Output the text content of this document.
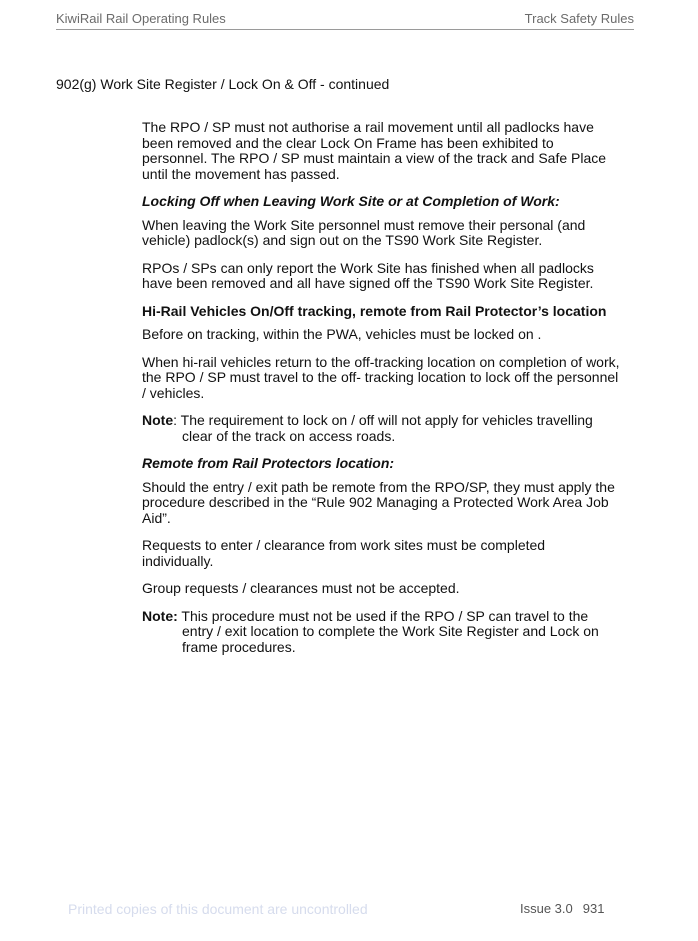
KiwiRail Rail Operating Rules	Track Safety Rules
902(g) Work Site Register / Lock On & Off - continued

The RPO / SP must not authorise a rail movement until all padlocks have been removed and the clear Lock On Frame has been exhibited to personnel. The RPO / SP must maintain a view of the track and Safe Place until the movement has passed.

Locking Off when Leaving Work Site or at Completion of Work:

When leaving the Work Site personnel must remove their personal (and vehicle) padlock(s) and sign out on the TS90 Work Site Register.

RPOs / SPs can only report the Work Site has finished when all padlocks have been removed and all have signed off the TS90 Work Site Register.

Hi-Rail Vehicles On/Off tracking, remote from Rail Protector’s location

Before on tracking, within the PWA, vehicles must be locked on .

When hi-rail vehicles return to the off-tracking location on completion of work, the RPO / SP must travel to the off- tracking location to lock off the personnel / vehicles.

Note: The requirement to lock on / off will not apply for vehicles travelling clear of the track on access roads.
Remote from Rail Protectors location:

Should the entry / exit path be remote from the RPO/SP, they must apply the procedure described in the “Rule 902 Managing a Protected Work Area Job Aid”.

Requests to enter / clearance from work sites must be completed individually.

Group requests / clearances must not be accepted.

Note: This procedure must not be used if the RPO / SP can travel to the entry / exit location to complete the Work Site Register and Lock on frame procedures.
Printed copies of this document are uncontrolled	Issue 3.0 931
